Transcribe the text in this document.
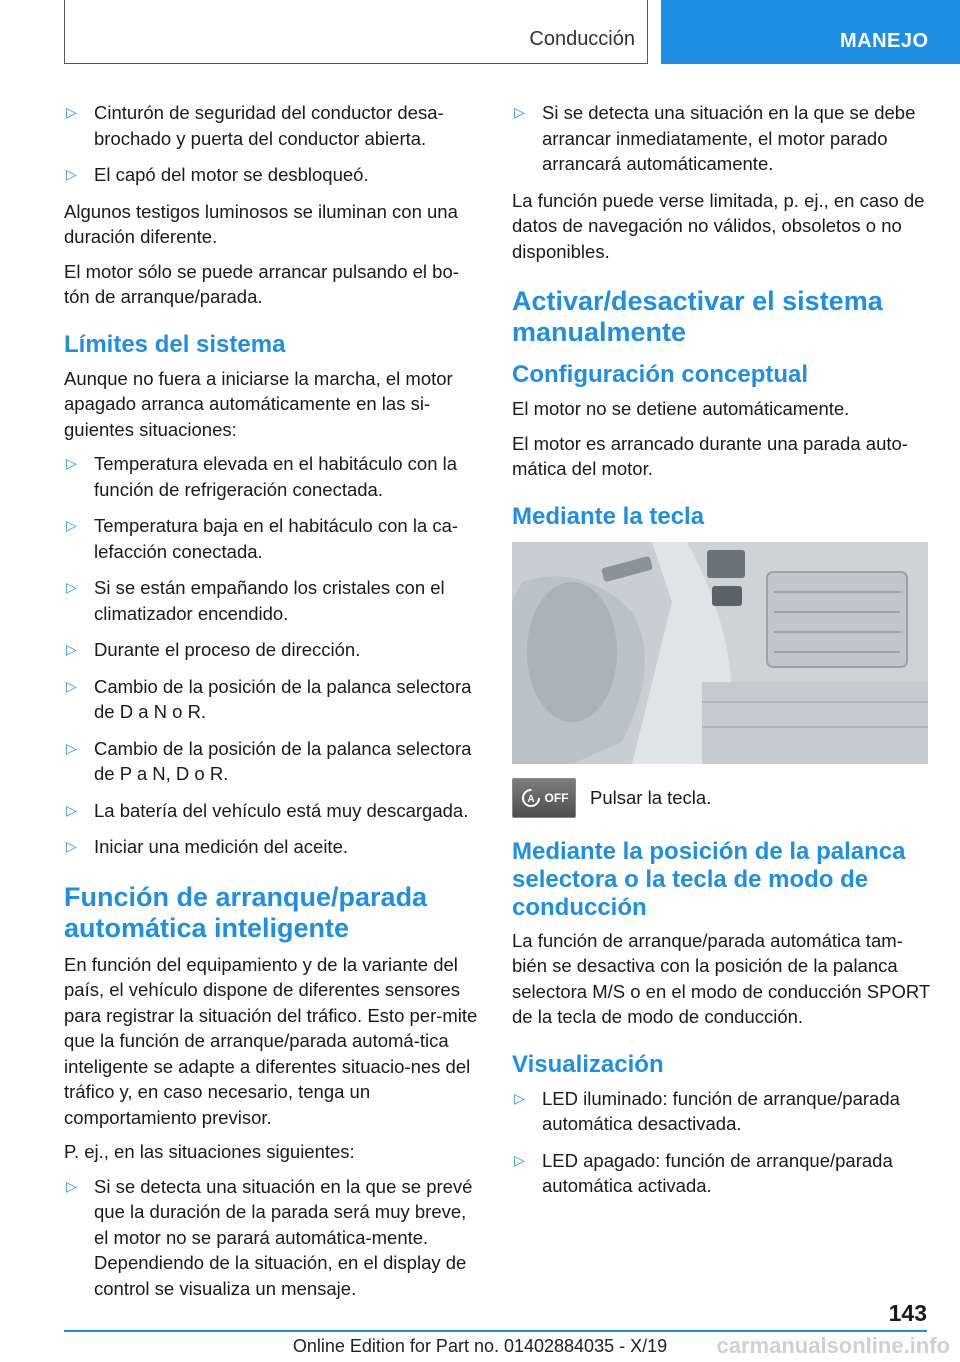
Conducción	MANEJO
▷ Cinturón de seguridad del conductor desa-brochado y puerta del conductor abierta.
▷ El capó del motor se desbloqueó.

Algunos testigos luminosos se iluminan con una duración diferente.

El motor sólo se puede arrancar pulsando el bo-tón de arranque/parada.

Límites del sistema

Aunque no fuera a iniciarse la marcha, el motor apagado arranca automáticamente en las si-guientes situaciones:

▷ Temperatura elevada en el habitáculo con la función de refrigeración conectada.
▷ Temperatura baja en el habitáculo con la ca-lefacción conectada.
▷ Si se están empañando los cristales con el climatizador encendido.
▷ Durante el proceso de dirección.
▷ Cambio de la posición de la palanca selectora de D a N o R.
▷ Cambio de la posición de la palanca selectora de P a N, D o R.
▷ La batería del vehículo está muy descargada.
▷ Iniciar una medición del aceite.
Función de arranque/parada automática inteligente

En función del equipamiento y de la variante del país, el vehículo dispone de diferentes sensores para registrar la situación del tráfico. Esto per-mite que la función de arranque/parada automá-tica inteligente se adapte a diferentes situacio-nes del tráfico y, en caso necesario, tenga un comportamiento previsor.

P. ej., en las situaciones siguientes:

▷ Si se detecta una situación en la que se prevé que la duración de la parada será muy breve, el motor no se parará automática-mente. Dependiendo de la situación, en el display de control se visualiza un mensaje.
▷ Si se detecta una situación en la que se debe arrancar inmediatamente, el motor parado arrancará automáticamente.

La función puede verse limitada, p. ej., en caso de datos de navegación no válidos, obsoletos o no disponibles.

Activar/desactivar el sistema manualmente
Configuración conceptual

El motor no se detiene automáticamente.

El motor es arrancado durante una parada auto-mática del motor.

Mediante la tecla
A OFF Pulsar la tecla.
Mediante la posición de la palanca selectora o la tecla de modo de conducción

La función de arranque/parada automática tam-bién se desactiva con la posición de la palanca selectora M/S o en el modo de conducción SPORT de la tecla de modo de conducción.

Visualización
▷ LED iluminado: función de arranque/parada automática desactivada.
▷ LED apagado: función de arranque/parada automática activada.
143
Online Edition for Part no. 01402884035 - X/19	carmanualsonline.info
